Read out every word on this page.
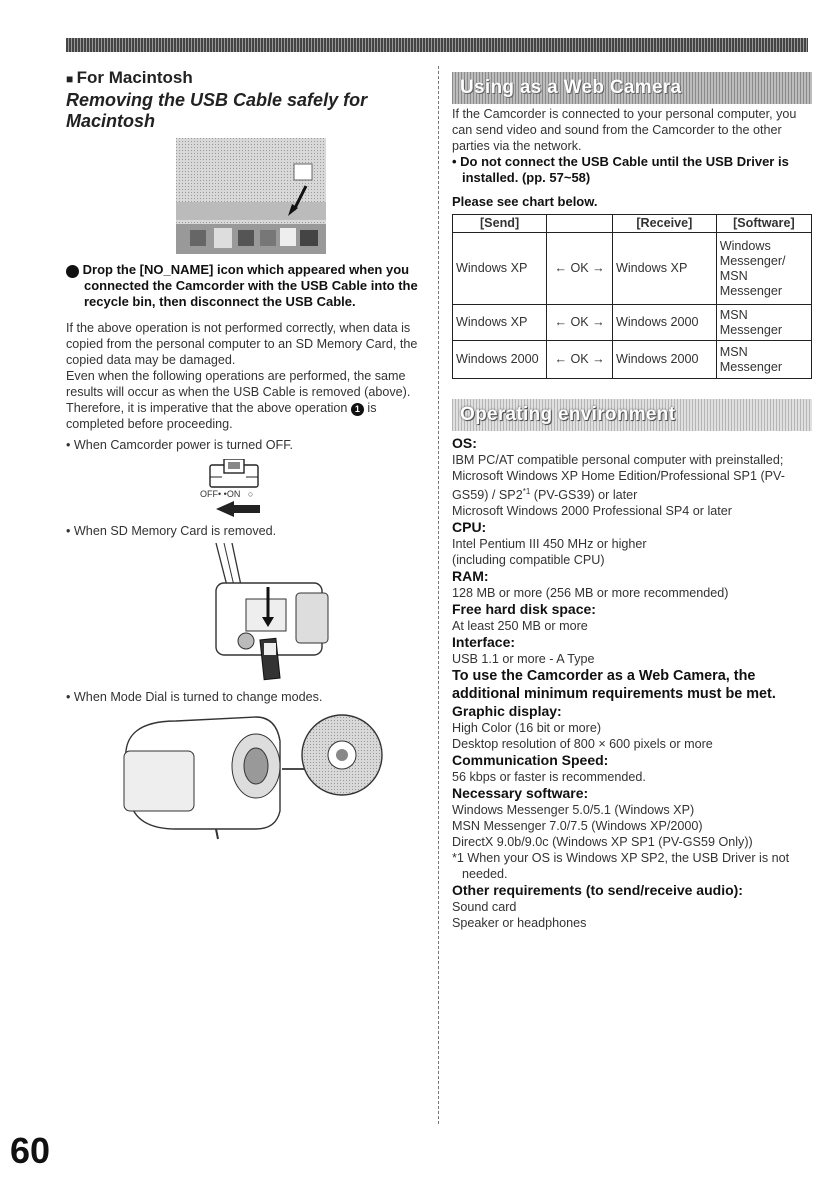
■ For Macintosh

Removing the USB Cable safely for Macintosh

1 Drop the [NO_NAME] icon which appeared when you connected the Camcorder with the USB Cable into the recycle bin, then disconnect the USB Cable.

If the above operation is not performed correctly, when data is copied from the personal computer to an SD Memory Card, the copied data may be damaged.

Even when the following operations are performed, the same results will occur as when the USB Cable is removed (above). Therefore, it is imperative that the above operation 1 is completed before proceeding.

• When Camcorder power is turned OFF.

OFF• •ON   ○

• When SD Memory Card is removed.

• When Mode Dial is turned to change modes.

Using as a Web Camera

If the Camcorder is connected to your personal computer, you can send video and sound from the Camcorder to the other parties via the network.

• Do not connect the USB Cable until the USB Driver is installed. (pp. 57~58)

Please see chart below.

[Send]		[Receive]	[Software]
Windows XP	← OK →	Windows XP	Windows Messenger/ MSN Messenger
Windows XP	← OK →	Windows 2000	MSN Messenger
Windows 2000	← OK →	Windows 2000	MSN Messenger
Operating environment

OS:

IBM PC/AT compatible personal computer with preinstalled;

Microsoft Windows XP Home Edition/Professional SP1 (PV-GS59) / SP2$^{*1}$ (PV-GS39) or later

Microsoft Windows 2000 Professional SP4 or later

CPU:

Intel Pentium III 450 MHz or higher

(including compatible CPU)

RAM:

128 MB or more (256 MB or more recommended)

Free hard disk space:

At least 250 MB or more

Interface:

USB 1.1 or more - A Type

To use the Camcorder as a Web Camera, the additional minimum requirements must be met.

Graphic display:

High Color (16 bit or more)

Desktop resolution of 800 × 600 pixels or more

Communication Speed:

56 kbps or faster is recommended.

Necessary software:

Windows Messenger 5.0/5.1 (Windows XP)

MSN Messenger 7.0/7.5 (Windows XP/2000)

DirectX 9.0b/9.0c (Windows XP SP1 (PV-GS59 Only))

*1 When your OS is Windows XP SP2, the USB Driver is not needed.

Other requirements (to send/receive audio):

Sound card

Speaker or headphones

60
